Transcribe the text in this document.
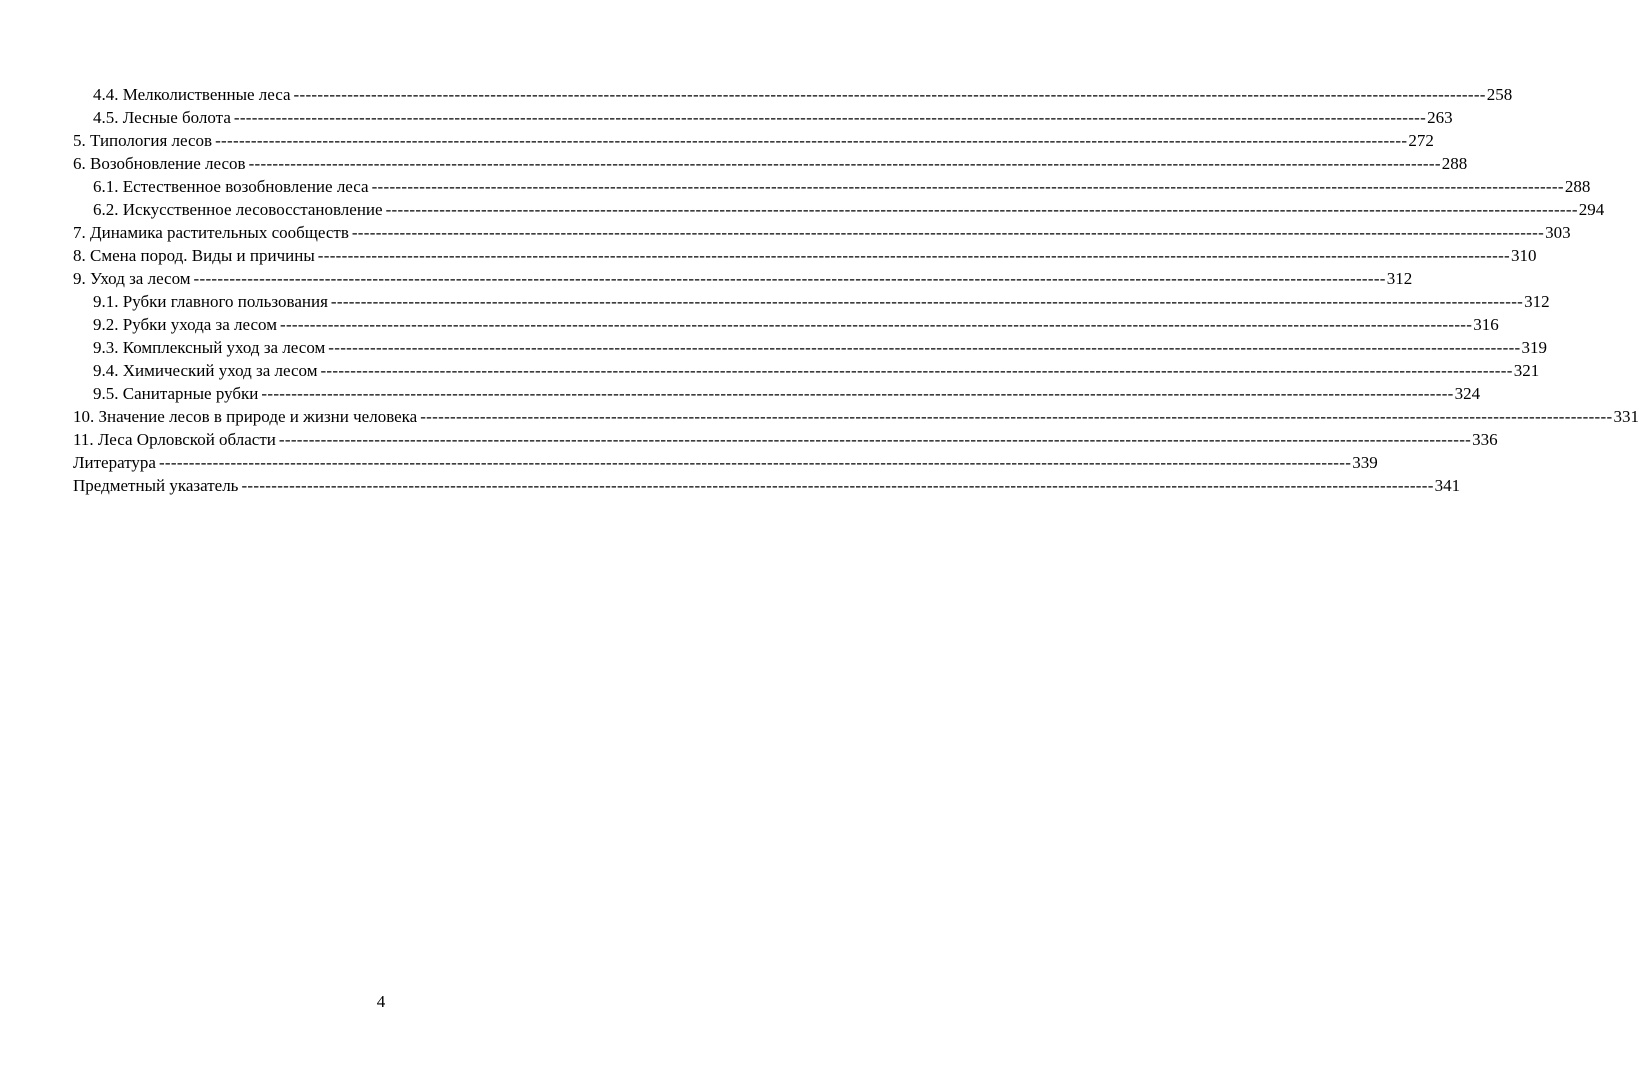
4.4. Мелколиственные леса -------------------------------------------------------------------------------------------------------------------------------------------------------------------------------------------------------- 258
4.5. Лесные болота -------------------------------------------------------------------------------------------------------------------------------------------------------------------------------------------------------- 263
5. Типология лесов -------------------------------------------------------------------------------------------------------------------------------------------------------------------------------------------------------- 272
6. Возобновление лесов -------------------------------------------------------------------------------------------------------------------------------------------------------------------------------------------------------- 288
6.1. Естественное возобновление леса -------------------------------------------------------------------------------------------------------------------------------------------------------------------------------------------------------- 288
6.2. Искусственное лесовосстановление -------------------------------------------------------------------------------------------------------------------------------------------------------------------------------------------------------- 294
7. Динамика растительных сообществ -------------------------------------------------------------------------------------------------------------------------------------------------------------------------------------------------------- 303
8. Смена пород. Виды и причины -------------------------------------------------------------------------------------------------------------------------------------------------------------------------------------------------------- 310
9. Уход за лесом -------------------------------------------------------------------------------------------------------------------------------------------------------------------------------------------------------- 312
9.1. Рубки главного пользования -------------------------------------------------------------------------------------------------------------------------------------------------------------------------------------------------------- 312
9.2. Рубки ухода за лесом -------------------------------------------------------------------------------------------------------------------------------------------------------------------------------------------------------- 316
9.3. Комплексный уход за лесом -------------------------------------------------------------------------------------------------------------------------------------------------------------------------------------------------------- 319
9.4. Химический уход за лесом -------------------------------------------------------------------------------------------------------------------------------------------------------------------------------------------------------- 321
9.5. Санитарные рубки -------------------------------------------------------------------------------------------------------------------------------------------------------------------------------------------------------- 324
10. Значение лесов в природе и жизни человека -------------------------------------------------------------------------------------------------------------------------------------------------------------------------------------------------------- 331
11. Леса Орловской области -------------------------------------------------------------------------------------------------------------------------------------------------------------------------------------------------------- 336
Литература -------------------------------------------------------------------------------------------------------------------------------------------------------------------------------------------------------- 339
Предметный указатель -------------------------------------------------------------------------------------------------------------------------------------------------------------------------------------------------------- 341
4
